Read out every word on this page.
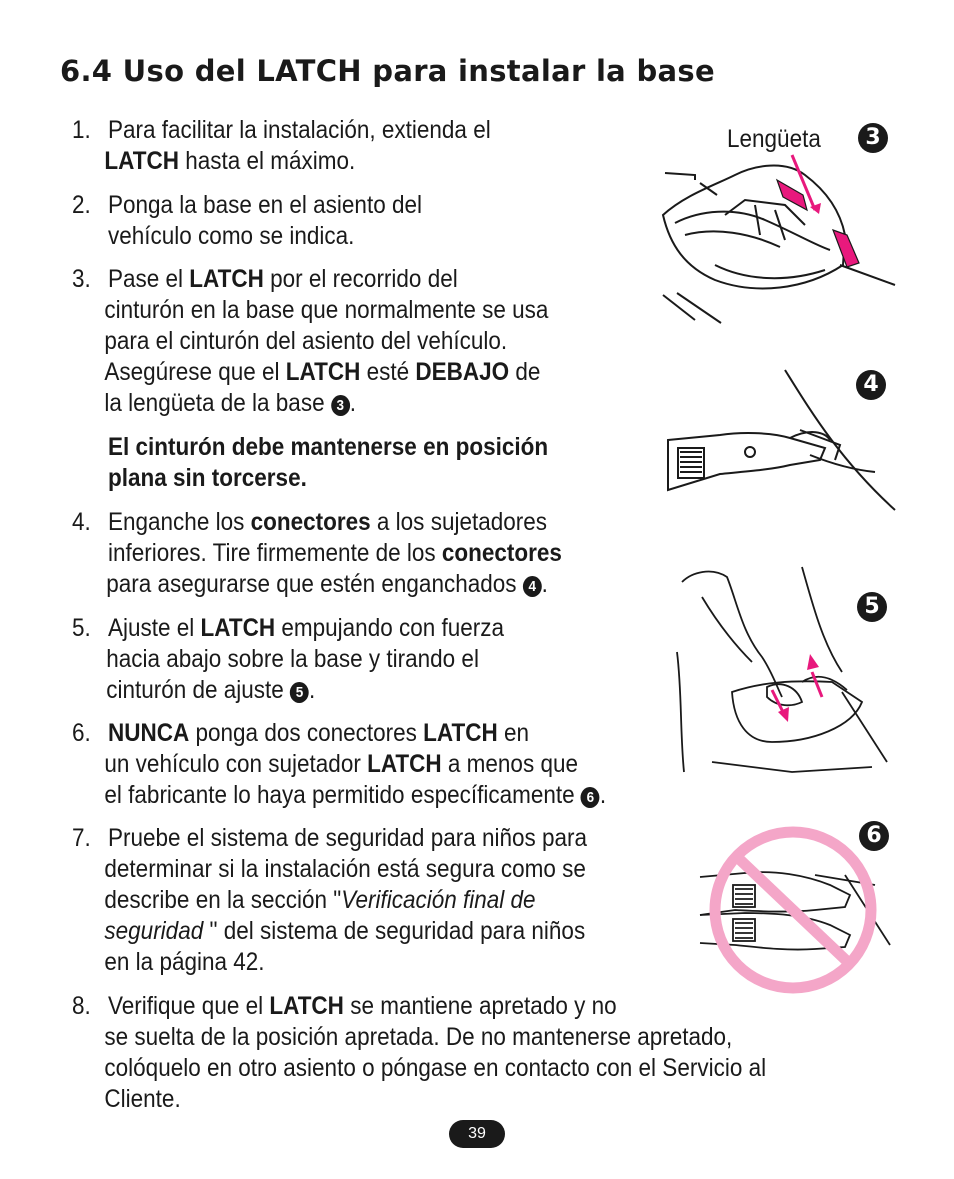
6.4 Uso del LATCH para instalar la base
1. Para facilitar la instalación, extienda el
LATCH hasta el máximo.
2. Ponga la base en el asiento del
vehículo como se indica.
3. Pase el LATCH por el recorrido del
cinturón en la base que normalmente se usa
para el cinturón del asiento del vehículo.
Asegúrese que el LATCH esté DEBAJO de
la lengüeta de la base 3 .
El cinturón debe mantenerse en posición
plana sin torcerse.
4. Enganche los conectores a los sujetadores
inferiores. Tire firmemente de los conectores
para asegurarse que estén enganchados 4 .
5. Ajuste el LATCH empujando con fuerza
hacia abajo sobre la base y tirando el
cinturón de ajuste 5 .
6. NUNCA ponga dos conectores LATCH en
un vehículo con sujetador LATCH a menos que
el fabricante lo haya permitido específicamente 6 .
7. Pruebe el sistema de seguridad para niños para
determinar si la instalación está segura como se
describe en la sección "Verificación final de
seguridad " del sistema de seguridad para niños
en la página 42.
8. Verifique que el LATCH se mantiene apretado y no
se suelta de la posición apretada. De no mantenerse apretado,
colóquelo en otro asiento o póngase en contacto con el Servicio al
Cliente.
Lengüeta	3
4
5
6
39
